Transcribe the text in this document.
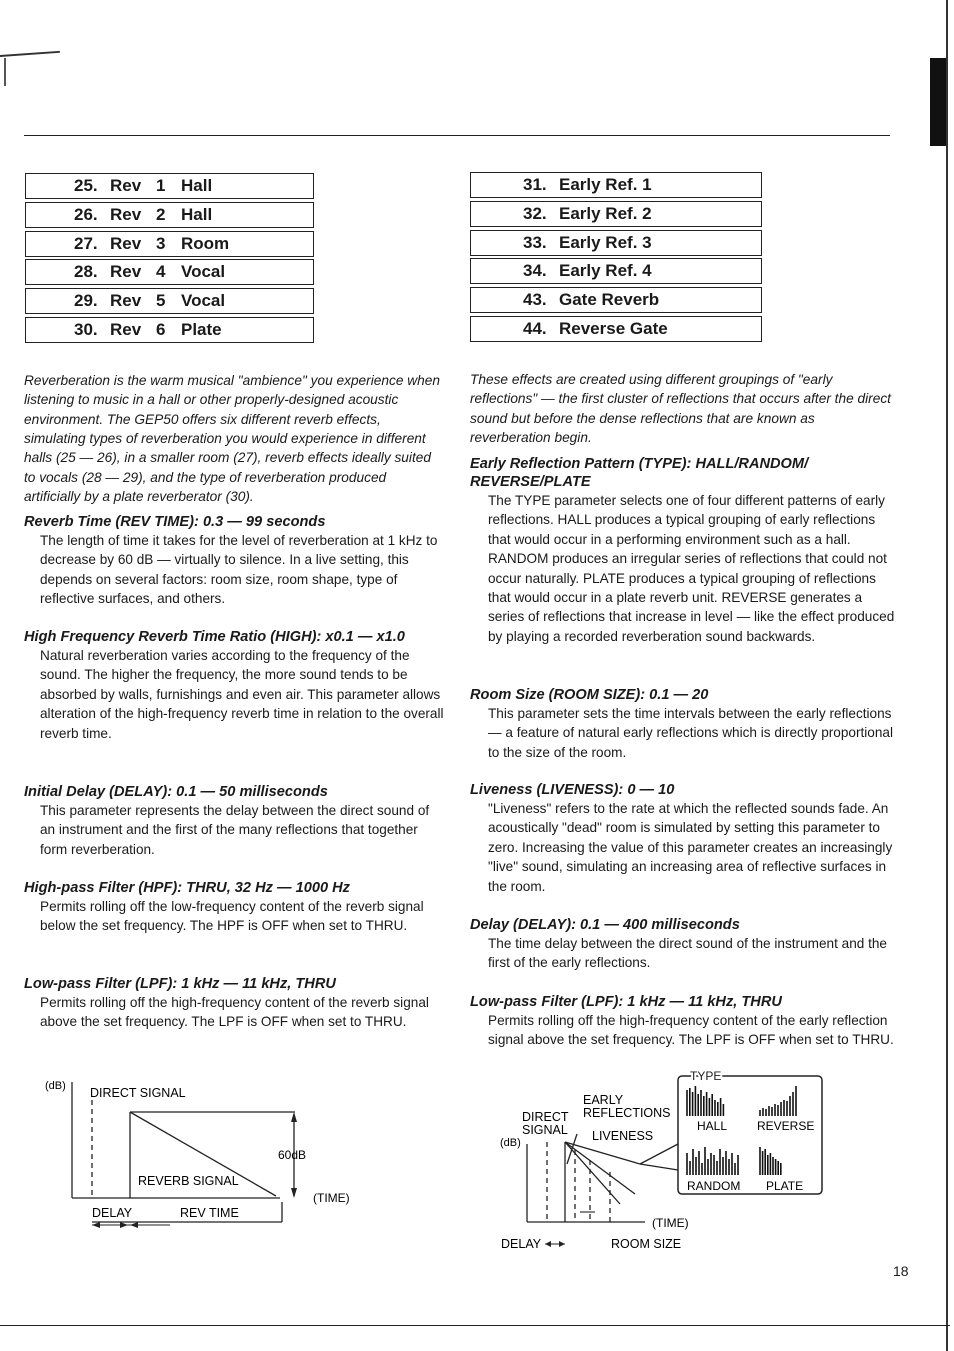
25. Rev 1 Hall
26. Rev 2 Hall
27. Rev 3 Room
28. Rev 4 Vocal
29. Rev 5 Vocal
30. Rev 6 Plate
31. Early Ref. 1
32. Early Ref. 2
33. Early Ref. 3
34. Early Ref. 4
43. Gate Reverb
44. Reverse Gate

Reverberation is the warm musical "ambience" you experience when listening to music in a hall or other properly-designed acoustic environment. The GEP50 offers six different reverb effects, simulating types of reverberation you would experience in different halls (25 — 26), in a smaller room (27), reverb effects ideally suited to vocals (28 — 29), and the type of reverberation produced artificially by a plate reverberator (30).

These effects are created using different groupings of "early reflections" — the first cluster of reflections that occurs after the direct sound but before the dense reflections that are known as reverberation begin.

Reverb Time (REV TIME): 0.3 — 99 seconds

The length of time it takes for the level of reverberation at 1 kHz to decrease by 60 dB — virtually to silence. In a live setting, this depends on several factors: room size, room shape, type of reflective surfaces, and others.

High Frequency Reverb Time Ratio (HIGH): x0.1 — x1.0

Natural reverberation varies according to the frequency of the sound. The higher the frequency, the more sound tends to be absorbed by walls, furnishings and even air. This parameter allows alteration of the high-frequency reverb time in relation to the overall reverb time.

Initial Delay (DELAY): 0.1 — 50 milliseconds

This parameter represents the delay between the direct sound of an instrument and the first of the many reflections that together form reverberation.

High-pass Filter (HPF): THRU, 32 Hz — 1000 Hz

Permits rolling off the low-frequency content of the reverb signal below the set frequency. The HPF is OFF when set to THRU.

Low-pass Filter (LPF): 1 kHz — 11 kHz, THRU

Permits rolling off the high-frequency content of the reverb signal above the set frequency. The LPF is OFF when set to THRU.

Early Reflection Pattern (TYPE): HALL/RANDOM/ REVERSE/PLATE

The TYPE parameter selects one of four different patterns of early reflections. HALL produces a typical grouping of early reflections that would occur in a performing environment such as a hall. RANDOM produces an irregular series of reflections that could not occur naturally. PLATE produces a typical grouping of reflections that would occur in a plate reverb unit. REVERSE generates a series of reflections that increase in level — like the effect produced by playing a recorded reverberation sound backwards.

Room Size (ROOM SIZE): 0.1 — 20

This parameter sets the time intervals between the early reflections — a feature of natural early reflections which is directly proportional to the size of the room.

Liveness (LIVENESS): 0 — 10

"Liveness" refers to the rate at which the reflected sounds fade. An acoustically "dead" room is simulated by setting this parameter to zero. Increasing the value of this parameter creates an increasingly "live" sound, simulating an increasing area of reflective surfaces in the room.

Delay (DELAY): 0.1 — 400 milliseconds

The time delay between the direct sound of the instrument and the first of the early reflections.

Low-pass Filter (LPF): 1 kHz — 11 kHz, THRU

Permits rolling off the high-frequency content of the early reflection signal above the set frequency. The LPF is OFF when set to THRU.

(dB) DIRECT SIGNAL
REVERB SIGNAL
60dB
(TIME)
DELAY	REV TIME
TYPE
EARLY
REFLECTIONS
DIRECT
SIGNAL
(dB)	LIVENESS
HALL REVERSE
RANDOM PLATE
(TIME)
DELAY	ROOM SIZE
18
